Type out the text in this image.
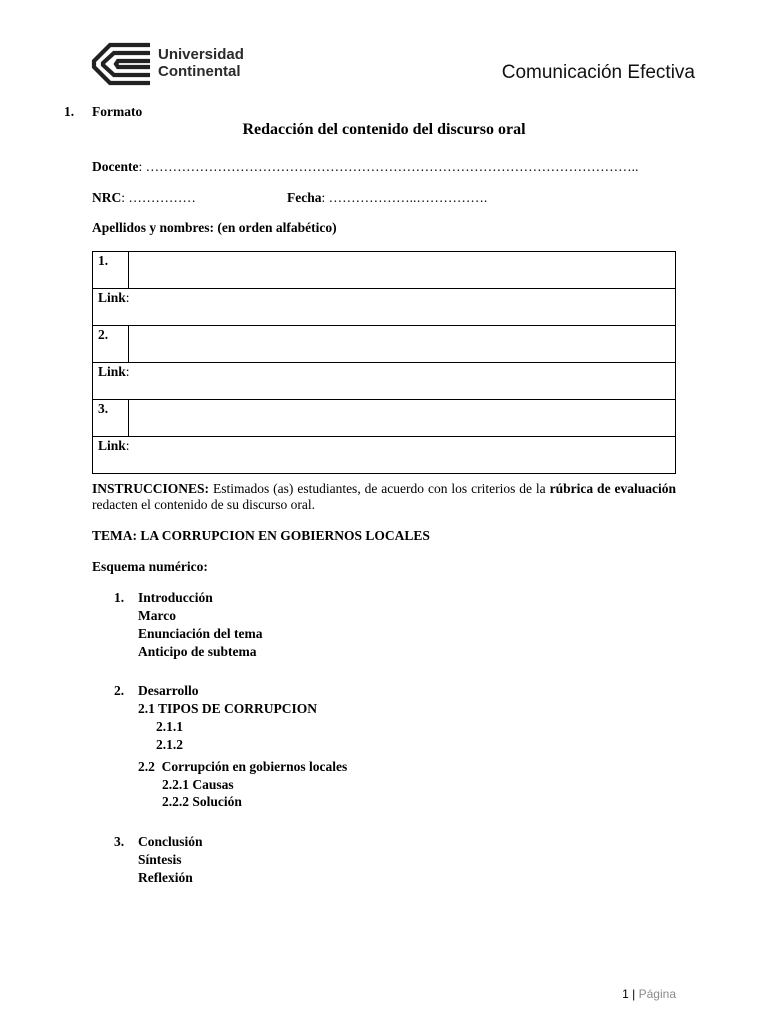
Universidad
Continental	Comunicación Efectiva
1. Formato
Redacción del contenido del discurso oral
Docente: ………………………………………………………………………………………………..
NRC: ……………	Fecha: ………………..…………….
Apellidos y nombres: (en orden alfabético)
1.	
Link:	
2.	
Link:	
3.	
Link:	
INSTRUCCIONES: Estimados (as) estudiantes, de acuerdo con los criterios de la rúbrica de evaluación redacten el contenido de su discurso oral.
TEMA: LA CORRUPCION EN GOBIERNOS LOCALES
Esquema numérico:
1. Introducción
Marco
Enunciación del tema
Anticipo de subtema
2. Desarrollo
2.1 TIPOS DE CORRUPCION
2.1.1
2.1.2
2.2  Corrupción en gobiernos locales
2.2.1 Causas
2.2.2 Solución
3. Conclusión
Síntesis
Reflexión
1 | Página
